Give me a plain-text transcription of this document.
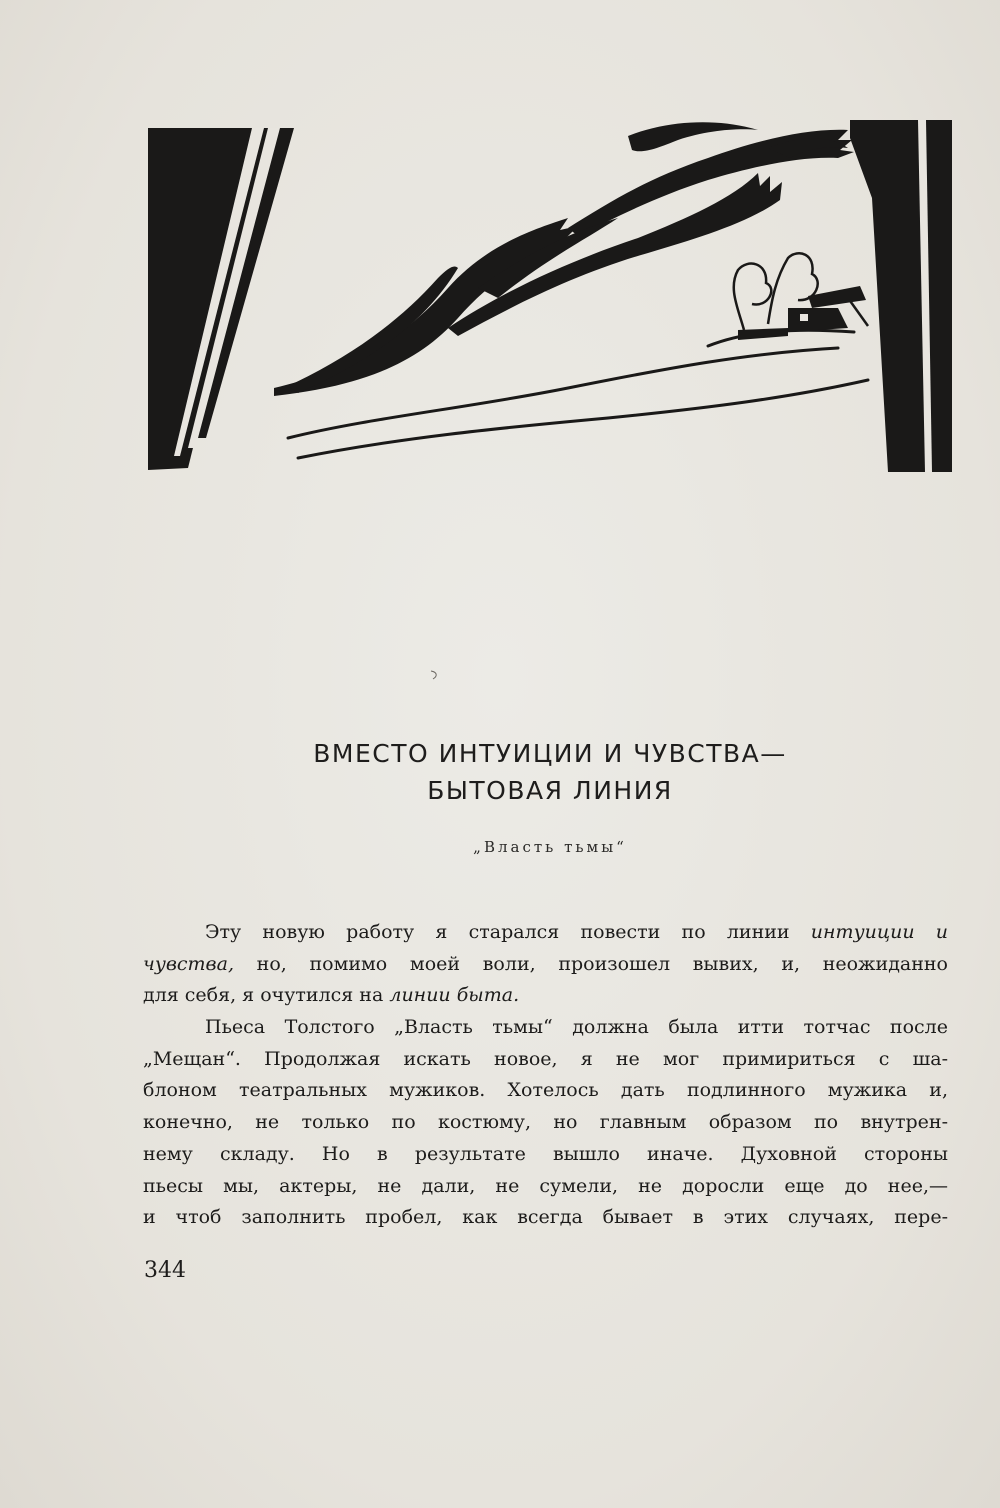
ВМЕСТО ИНТУИЦИИ И ЧУВСТВА—
БЫТОВАЯ ЛИНИЯ
„Власть тьмы“
Эту новую работу я старался повести по линии интуиции и
чувства, но, помимо моей воли, произошел вывих, и, неожиданно
для себя, я очутился на линии быта.
Пьеса Толстого „Власть тьмы“ должна была итти тотчас после
„Мещан“. Продолжая искать новое, я не мог примириться с ша-
блоном театральных мужиков. Хотелось дать подлинного мужика и,
конечно, не только по костюму, но главным образом по внутрен-
нему складу. Но в результате вышло иначе. Духовной стороны
пьесы мы, актеры, не дали, не сумели, не доросли еще до нее,—
и чтоб заполнить пробел, как всегда бывает в этих случаях, пере-
344
